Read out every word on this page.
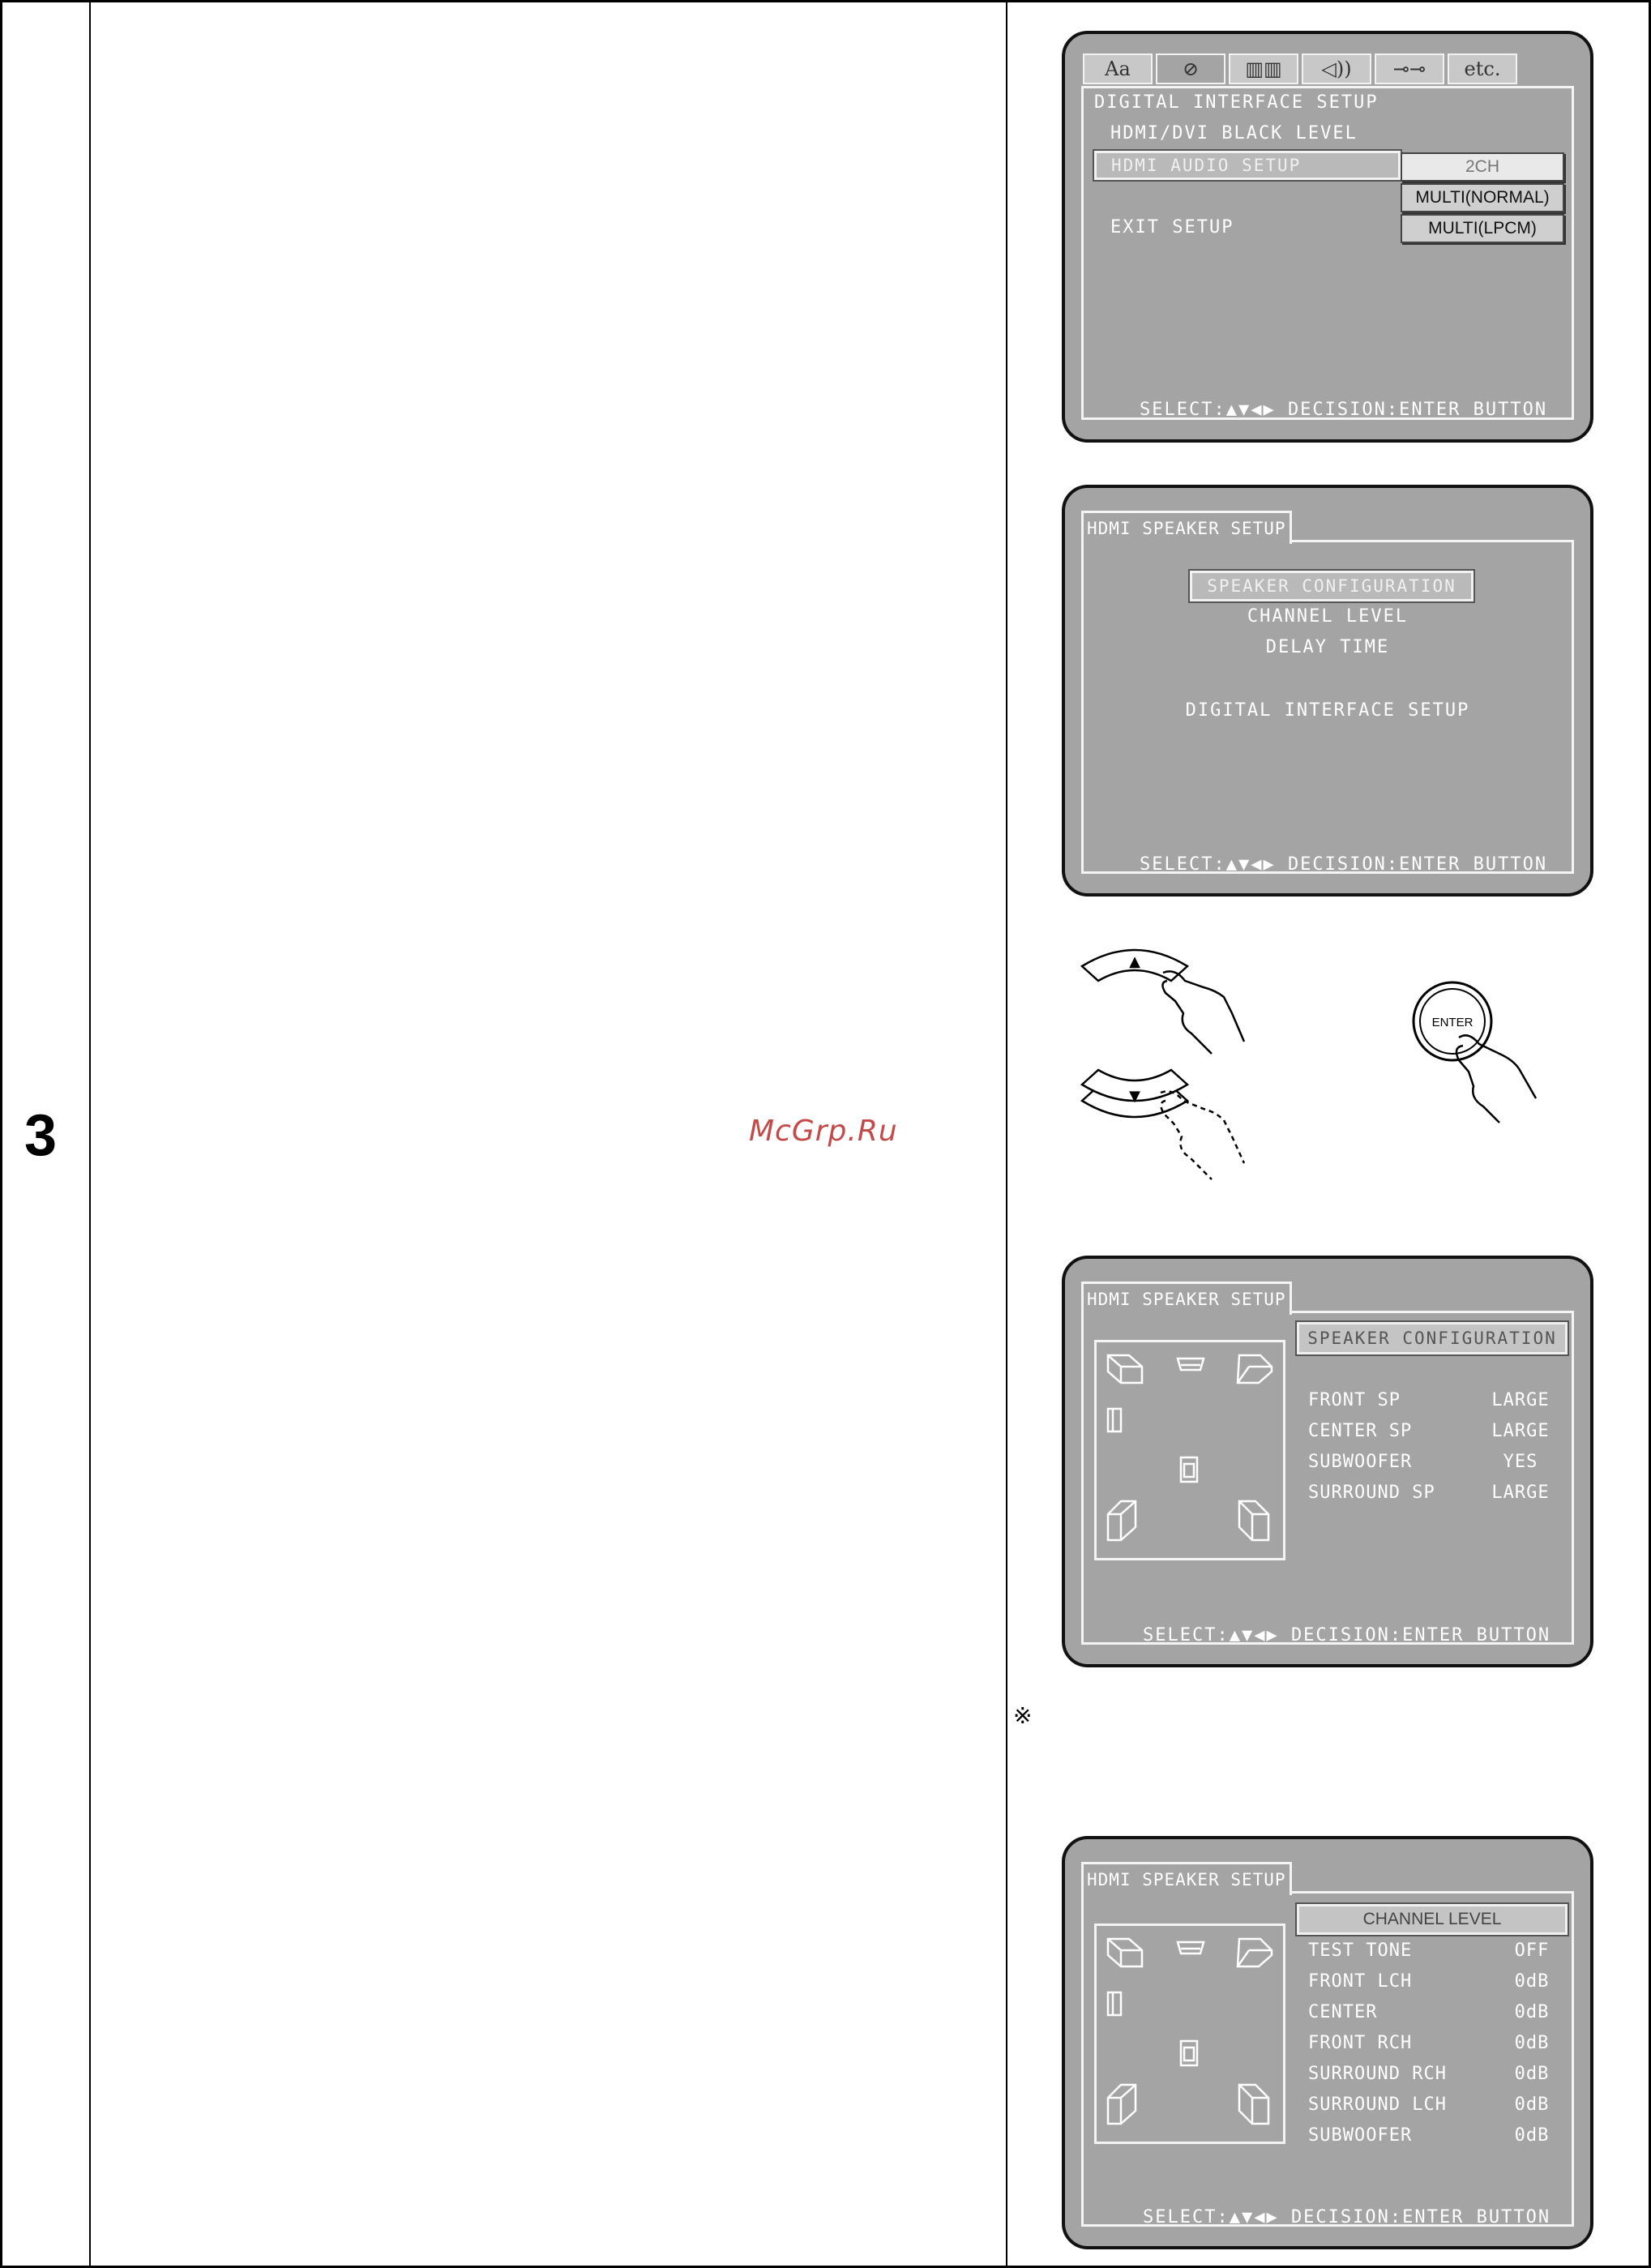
3	McGrp.Ru
※
Aa	⊘	▥▥	◁))	⊸⊸	etc.
DIGITAL INTERFACE SETUP
HDMI/DVI BLACK LEVEL
HDMI AUDIO SETUP
EXIT SETUP
2CH
MULTI(NORMAL)
MULTI(LPCM)
SELECT:▲▼◀▶ DECISION:ENTER BUTTON
HDMI SPEAKER SETUP
SPEAKER CONFIGURATION
CHANNEL LEVEL
DELAY TIME
DIGITAL INTERFACE SETUP
SELECT:▲▼◀▶ DECISION:ENTER BUTTON
▲
▼
ENTER
HDMI SPEAKER SETUP
SPEAKER CONFIGURATION
FRONT SP	LARGE
CENTER SP	LARGE
SUBWOOFER	YES
SURROUND SP	LARGE
SELECT:▲▼◀▶ DECISION:ENTER BUTTON
HDMI SPEAKER SETUP
CHANNEL LEVEL
TEST TONE	OFF
FRONT LCH	0dB
CENTER	0dB
FRONT RCH	0dB
SURROUND RCH	0dB
SURROUND LCH	0dB
SUBWOOFER	0dB
SELECT:▲▼◀▶ DECISION:ENTER BUTTON
